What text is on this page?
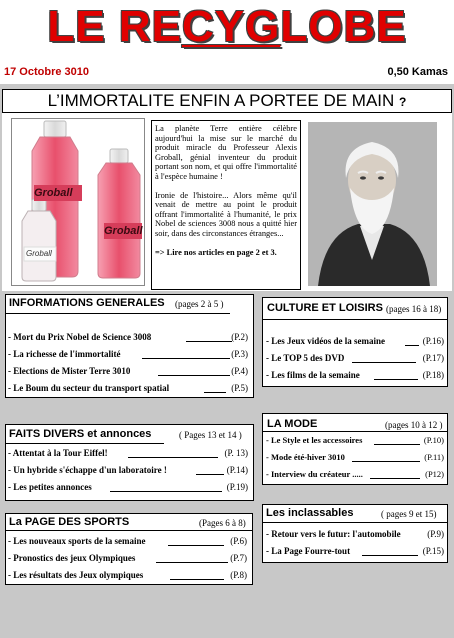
LE RECYGLOBE
17 Octobre 3010	0,50 Kamas
L’IMMORTALITE ENFIN A PORTEE DE MAIN ?
Groball
Groball
Groball

La planète Terre entière célèbre aujourd'hui la mise sur le marché du produit miracle du Professeur Alexis Groball, génial inventeur du produit portant son nom, et qui offre l'immortalité à l'espèce humaine !

Ironie de l'histoire... Alors même qu'il venait de mettre au point le produit offrant l'immortalité à l'humanité, le prix Nobel de sciences 3008 nous a quitté hier soir, dans des circonstances étranges...

=> Lire nos articles en page 2 et 3.

INFORMATIONS GENERALES (pages 2 à 5 )
- Mort du Prix Nobel de Science 3008	(P.2)
- La richesse de l'immortalité	(P.3)
- Elections de Mister Terre 3010	(P.4)
- Le Boum du secteur du transport spatial	(P.5)
CULTURE ET LOISIRS (pages 16 à 18)
- Les Jeux vidéos de la semaine	(P.16)
- Le TOP 5 des DVD	(P.17)
- Les films de la semaine	(P.18)
FAITS DIVERS et annonces	( Pages 13 et 14 )
- Attentat à la Tour Eiffel!	(P. 13)
- Un hybride s'échappe d'un laboratoire !	(P.14)
- Les petites annonces	(P.19)
LA MODE	(pages 10 à 12 )
- Le Style et les accessoires	(P.10)
- Mode été-hiver 3010	(P.11)
- Interview du créateur .....	(P12)
La PAGE DES SPORTS	(Pages 6 à 8)
- Les nouveaux sports de la semaine	(P.6)
- Pronostics des jeux Olympiques	(P.7)
- Les résultats des Jeux olympiques	(P.8)
Les inclassables	( pages 9 et 15)
- Retour vers le futur: l'automobile	(P.9)
- La Page Fourre-tout	(P.15)
